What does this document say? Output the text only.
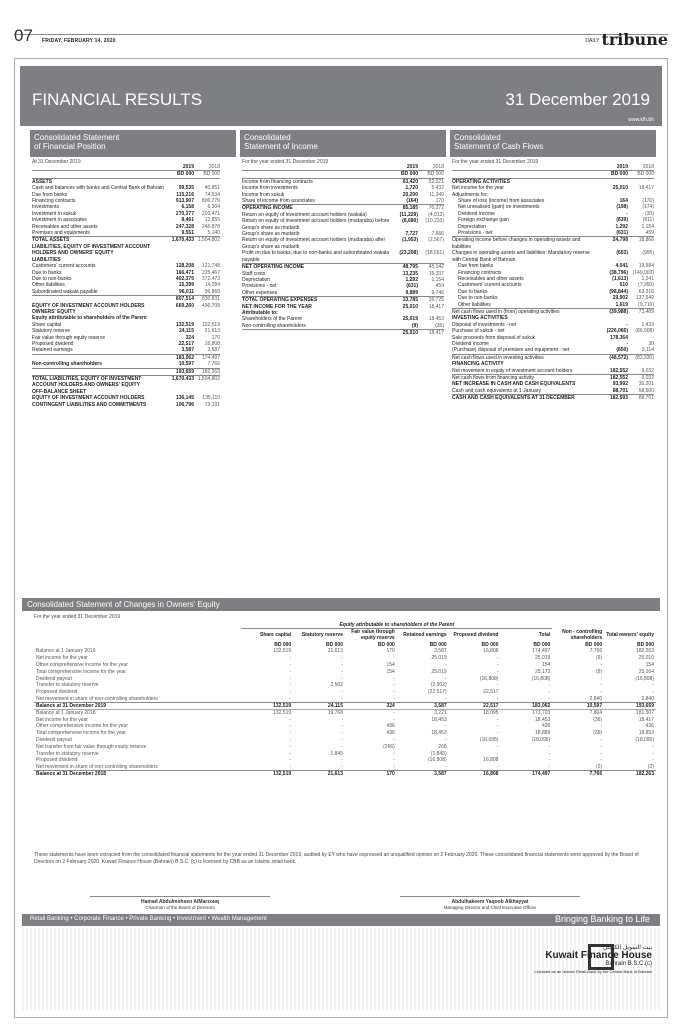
07 FRIDAY, FEBRUARY 14, 2020	DAILY tribune
FINANCIAL RESULTS	31 December 2019
www.kfh.bh
Consolidated Statement
of Financial Position
Consolidated
Statement of Income
Consolidated
Statement of Cash Flows
At 31 December 2019	For the year ended 31 December 2019	For the year ended 31 December 2019
2019	2018
BD 000	BD 000
ASSETS
Cash and balances with banks and Central Bank of Bahrain	99,535	40,851
Due from banks	115,216	74,534
Financing contracts	913,907	806,779
Investments	6,158	6,304
Investment in sukuk	270,377	203,471
Investment in associates	8,461	12,855
Receivables and other assets	247,328	246,878
Premises and equipments	9,551	5,140
TOTAL ASSETS	1,670,433 1,504,802
LIABILITIES, EQUITY OF INVESTMENT ACCOUNT HOLDERS AND OWNERS' EQUITY
LIABILITIES
Customers' current accounts	128,208	121,748
Due to banks	166,471	225,467
Due to non-banks	402,375	372,473
Other liabilities	15,399	14,284
Subordinated wakala payable	96,011	96,869
807,514	830,831
EQUITY OF INVESTMENT ACCOUNT HOLDERS	669,260	496,708
OWNERS' EQUITY
Equity attributable to shareholders of the Parent
Share capital	132,519	132,519
Statutory reserve	24,115	21,613
Fair value through equity reserve	324	170
Proposed dividend	22,517	16,808
Retained earnings	3,587	3,587
183,062	174,497
Non-controlling shareholders	10,597	7,766
193,659	182,263
TOTAL LIABILITIES, EQUITY OF INVESTMENT ACCOUNT HOLDERS AND OWNERS' EQUITY
1,670,433 1,504,802
OFF-BALANCE SHEET
EQUITY OF INVESTMENT ACCOUNT HOLDERS	136,145	135,110
CONTINGENT LIABILITIES AND COMMITMENTS	106,796	73,191
2019	2018
BD 000	BD 000
Income from financing contracts	63,420	52,321
Income from investments	1,720	5,432
Income from sukuk	20,200	11,349
Share of income from associates	(164)	170
OPERATING INCOME	85,185	70,272
Return on equity of investment account holders (wakala)	(11,229)	(4,012)
Return on equity of investment account holders (mudaraba) before Group's share as mudarib
(8,680)	(10,233)
Group's share as mudarib	7,727	7,666
Return on equity of investment account holders (mudaraba) after Group's share as mudarib
(1,953)	(2,567)
Profit on due to banks, due to non-banks and subordinated wakala payable
(23,208)	(18,551)
NET OPERATING INCOME	48,795	45,142
Staff costs	13,235	15,337
Depreciation	1,292	1,154
Provisions - net	(631)	459
Other expenses	9,889	9,746
TOTAL OPERATING EXPENSES	23,785	26,725
NET INCOME FOR THE YEAR	25,010	18,417
Attributable to:
Shareholders of the Parent	25,019	18,453
Non-controlling shareholders	(9)	(36)
25,010	18,417
2019	2018
BD 000	BD 000
OPERATING ACTIVITIES
Net income for the year	25,010	18,417
Adjustments for:
Share of loss (income) from associates	164	(170)
Net unrealised (gain) on investments	(198)	(174)
Dividend income	-	(30)
Foreign exchange gain	(839)	(811)
Depreciation	1,292	1,154
Provisions - net	(631)	459
Operating income before changes in operating assets and liabilities
24,798	18,866
Changes in operating assets and liabilities: Mandatory reserve with Central Bank of Bahrain
(603)	(995)
Due from banks	4,041	19,584
Financing contracts	(38,796) (149,003)
Receivables and other assets	(1,613)	1,241
Customers' current accounts	510	(7,350)
Due to banks	(98,844)	63,316
Due to non-banks	29,902	137,549
Other liabilities	1,619	(9,710)
Net cash flows used in (from) operating activities	(39,988)	73,489
INVESTING ACTIVITIES
Disposal of investments - net	-	1,433
Purchase of sukuk - net	(226,066)	(86,908)
Sale proceeds from disposal of sukuk	178,364	-
Dividend income	-	30
(Purchase) disposal of premises and equipment - net	(850)	3,114
Net cash flows used in investing activities	(48,572)	(82,330)
FINANCING ACTIVITY
Net movement in equity of investment account holders	182,552	9,032
Net cash flows from financing activity	182,552	9,032
NET INCREASE IN CASH AND CASH EQUIVALENTS	93,992	30,201
Cash and cash equivalents at 1 January	88,701	58,500
CASH AND CASH EQUIVALENTS AT 31 DECEMBER	182,693	88,701
Consolidated Statement of Changes in Owners' Equity
For the year ended 31 December 2019
	Equity attributable to shareholders of the Parent							
	Share capital	Statutory reserve	Fair value through equity reserve	Retained earnings	Proposed dividend	Total	Non - controlling shareholders	Total owners' equity
	BD 000	BD 000	BD 000	BD 000	BD 000	BD 000	BD 000	BD 000
Balance at 1 January 2019	132,519	21,613	170	3,587	16,808	174,497	7,766	182,263
Net income for the year	-	-	-	25,019	-	25,019	(9)	25,010
Other comprehensive income for the year	-	-	154	-	-	154	-	154
Total comprehensive income for the year	-	-	154	25,019	-	25,173	(9)	25,164
Dividend payout	-	-	-	-	(16,808)	(16,808)	-	(16,808)
Transfer to statutory reserve	-	2,502	-	(2,502)	-	-	-	-
Proposed dividend	-	-	-	(22,517)	22,517	-	-	-
Net movement in share of non-controlling shareholders	-	-	-	-	-	-	2,840	2,840
Balance at 31 December 2019	132,519	24,115	324	3,587	22,517	183,062	10,597	193,659
Balance at 1 January 2018	132,519	19,768	-	3,221	18,095	173,703	7,804	181,507
Net income for the year	-	-	-	18,453	-	18,453	(36)	18,417
Other comprehensive income for the year	-	-	436	-	-	436	-	436
Total comprehensive income for the year	-	-	436	18,453	-	18,889	(36)	18,853
Dividend payout	-	-	-	-	(18,095)	(18,095)	-	(18,095)
Net transfer from fair value through equity reserve	-	-	(266)	266	-	-	-	-
Transfer to statutory reserve	-	1,845	-	(1,845)	-	-	-	-
Proposed dividend	-	-	-	(16,808)	16,808	-	-	-
Net movement in share of non-controlling shareholders	-	-	-	-	-	-	(2)	(2)
Balance at 31 December 2018	132,519	21,613	170	3,587	16,808	174,497	7,766	182,263
These statements have been extracted from the consolidated financial statements for the year ended 31 December 2019, audited by EY who have expressed an unqualified opinion on 2 February 2020. These consolidated financial statements were approved by the Board of Directors on 2 February 2020. Kuwait Finance House (Bahrain) B.S.C. (c) is licensed by CBB as an Islamic retail bank.
Hamad Abdulmohsen AlMarzouq
Chairman of the Board of Directors
Abdulhakeem Yaqoob Alkhayyat
Managing Director and Chief Executive Officer
Retail Banking • Corporate Finance • Private Banking • Investment • Wealth Management	Bringing Banking to Life
بيت التمويل الكويتي
Kuwait Finance House
Bahrain B.S.C.(c)
Licensed as an Islamic Retail Bank by the Central Bank of Bahrain
